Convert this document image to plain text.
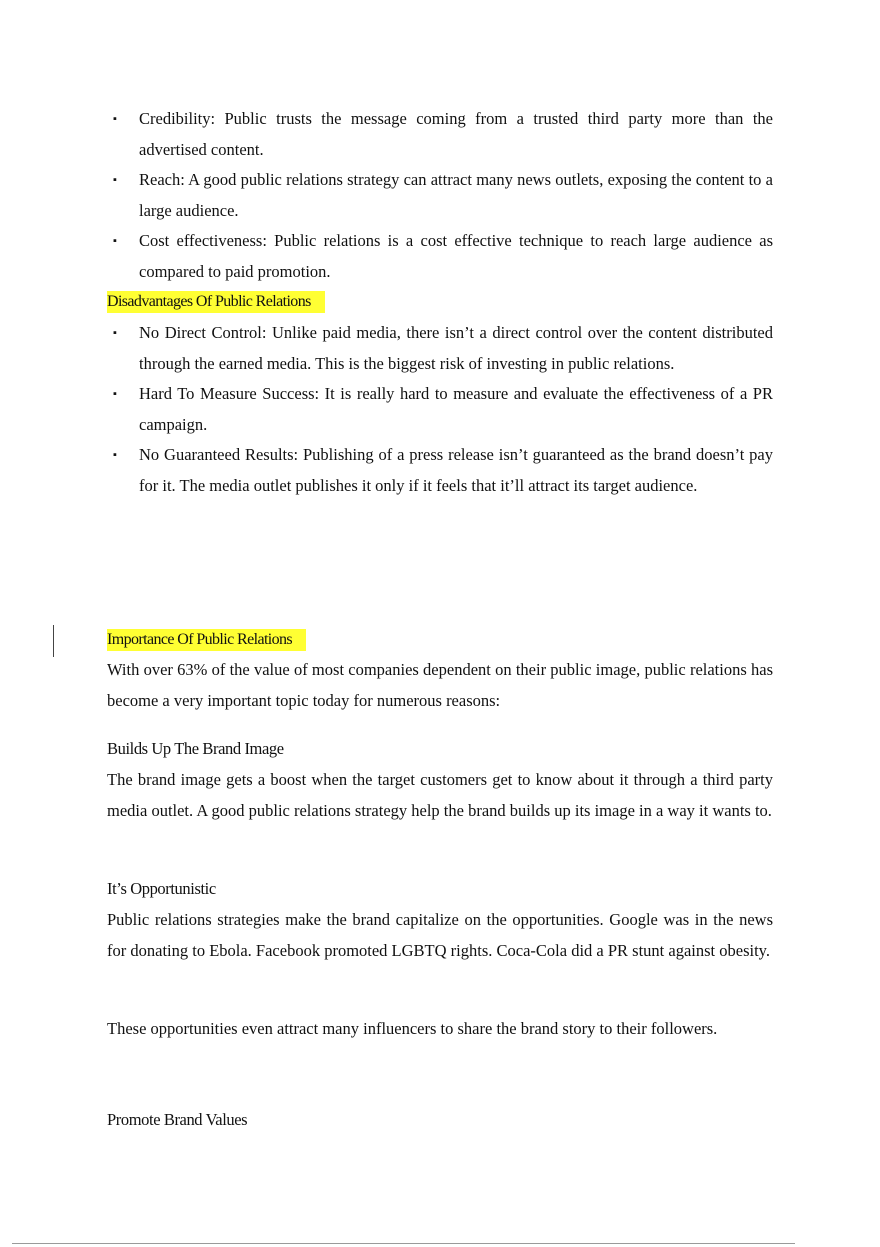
▪ Credibility: Public trusts the message coming from a trusted third party more than the advertised content.
▪ Reach: A good public relations strategy can attract many news outlets, exposing the content to a large audience.
▪ Cost effectiveness: Public relations is a cost effective technique to reach large audience as compared to paid promotion.
Disadvantages Of Public Relations
▪ No Direct Control: Unlike paid media, there isn’t a direct control over the content distributed through the earned media. This is the biggest risk of investing in public relations.
▪ Hard To Measure Success: It is really hard to measure and evaluate the effectiveness of a PR campaign.
▪ No Guaranteed Results: Publishing of a press release isn’t guaranteed as the brand doesn’t pay for it. The media outlet publishes it only if it feels that it’ll attract its target audience.
Importance Of Public Relations

With over 63% of the value of most companies dependent on their public image, public relations has become a very important topic today for numerous reasons:

Builds Up The Brand Image

The brand image gets a boost when the target customers get to know about it through a third party media outlet. A good public relations strategy help the brand builds up its image in a way it wants to.

It’s Opportunistic

Public relations strategies make the brand capitalize on the opportunities. Google was in the news for donating to Ebola. Facebook promoted LGBTQ rights. Coca-Cola did a PR stunt against obesity.

These opportunities even attract many influencers to share the brand story to their followers.

Promote Brand Values
